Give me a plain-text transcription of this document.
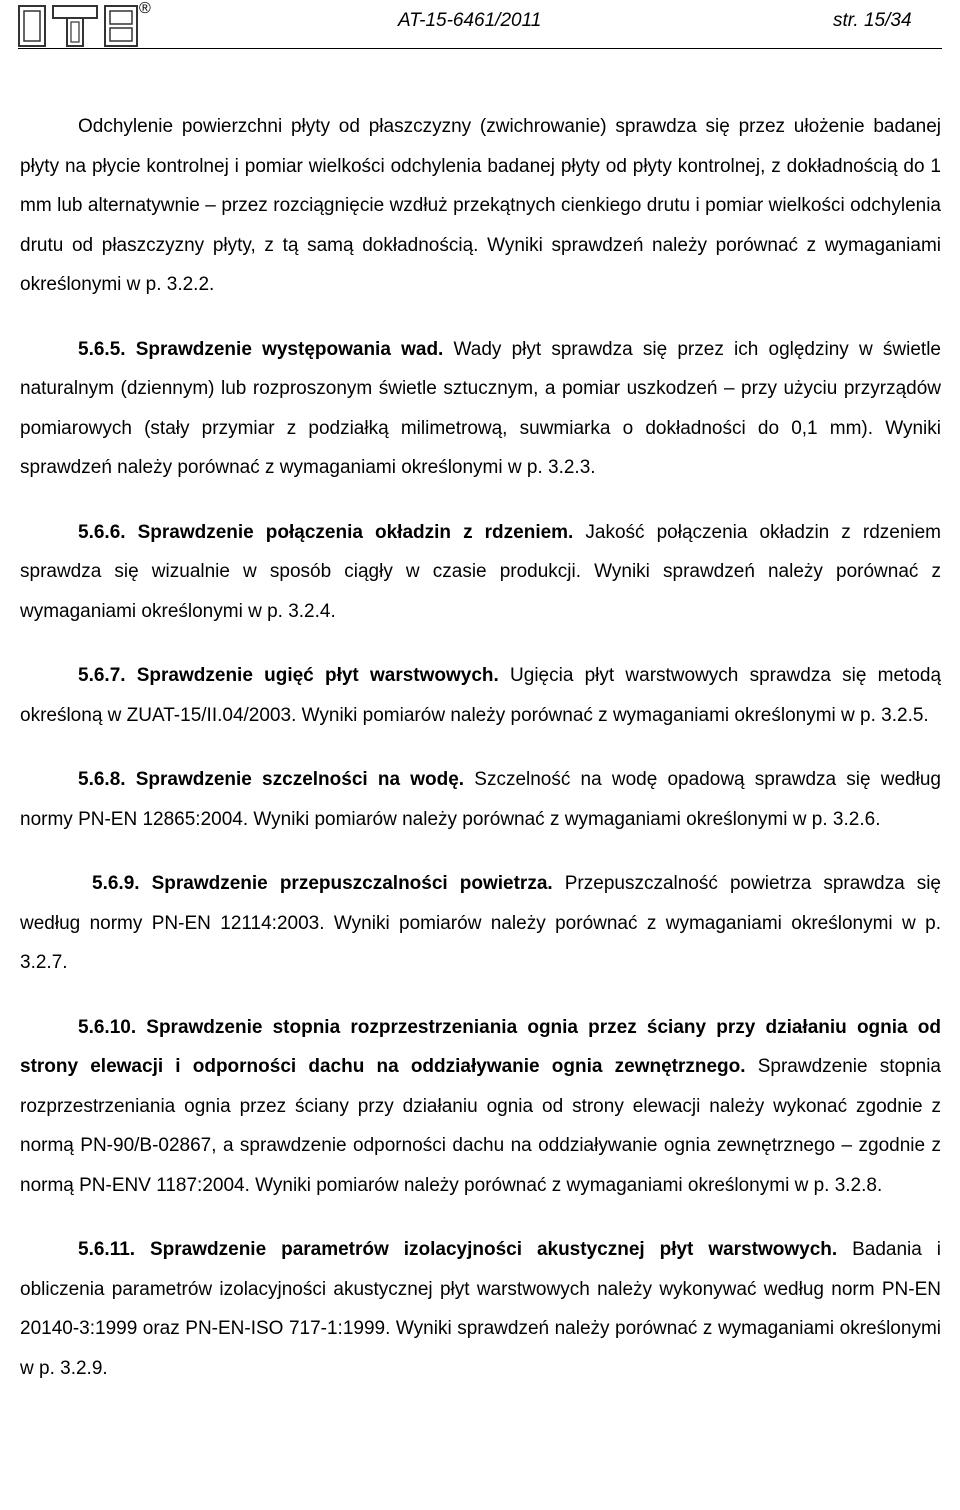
®
AT-15-6461/2011	str. 15/34

Odchylenie powierzchni płyty od płaszczyzny (zwichrowanie) sprawdza się przez ułożenie badanej płyty na płycie kontrolnej i pomiar wielkości odchylenia badanej płyty od płyty kontrolnej, z dokładnością do 1 mm lub alternatywnie – przez rozciągnięcie wzdłuż przekątnych cienkiego drutu i pomiar wielkości odchylenia drutu od płaszczyzny płyty, z tą samą dokładnością. Wyniki sprawdzeń należy porównać z wymaganiami określonymi w p. 3.2.2.

5.6.5. Sprawdzenie występowania wad. Wady płyt sprawdza się przez ich oględziny w świetle naturalnym (dziennym) lub rozproszonym świetle sztucznym, a pomiar uszkodzeń – przy użyciu przyrządów pomiarowych (stały przymiar z podziałką milimetrową, suwmiarka o dokładności do 0,1 mm). Wyniki sprawdzeń należy porównać z wymaganiami określonymi w p. 3.2.3.

5.6.6. Sprawdzenie połączenia okładzin z rdzeniem. Jakość połączenia okładzin z rdzeniem sprawdza się wizualnie w sposób ciągły w czasie produkcji. Wyniki sprawdzeń należy porównać z wymaganiami określonymi w p. 3.2.4.

5.6.7. Sprawdzenie ugięć płyt warstwowych. Ugięcia płyt warstwowych sprawdza się metodą określoną w ZUAT-15/II.04/2003. Wyniki pomiarów należy porównać z wymaganiami określonymi w p. 3.2.5.

5.6.8. Sprawdzenie szczelności na wodę. Szczelność na wodę opadową sprawdza się według normy PN-EN 12865:2004. Wyniki pomiarów należy porównać z wymaganiami określonymi w p. 3.2.6.

5.6.9. Sprawdzenie przepuszczalności powietrza. Przepuszczalność powietrza sprawdza się według normy PN-EN 12114:2003. Wyniki pomiarów należy porównać z wymaganiami określonymi w p. 3.2.7.

5.6.10. Sprawdzenie stopnia rozprzestrzeniania ognia przez ściany przy działaniu ognia od strony elewacji i odporności dachu na oddziaływanie ognia zewnętrznego. Sprawdzenie stopnia rozprzestrzeniania ognia przez ściany przy działaniu ognia od strony elewacji należy wykonać zgodnie z normą PN-90/B-02867, a sprawdzenie odporności dachu na oddziaływanie ognia zewnętrznego – zgodnie z normą PN-ENV 1187:2004. Wyniki pomiarów należy porównać z wymaganiami określonymi w p. 3.2.8.

5.6.11. Sprawdzenie parametrów izolacyjności akustycznej płyt warstwowych. Badania i obliczenia parametrów izolacyjności akustycznej płyt warstwowych należy wykonywać według norm PN-EN 20140-3:1999 oraz PN-EN-ISO 717-1:1999. Wyniki sprawdzeń należy porównać z wymaganiami określonymi w p. 3.2.9.
